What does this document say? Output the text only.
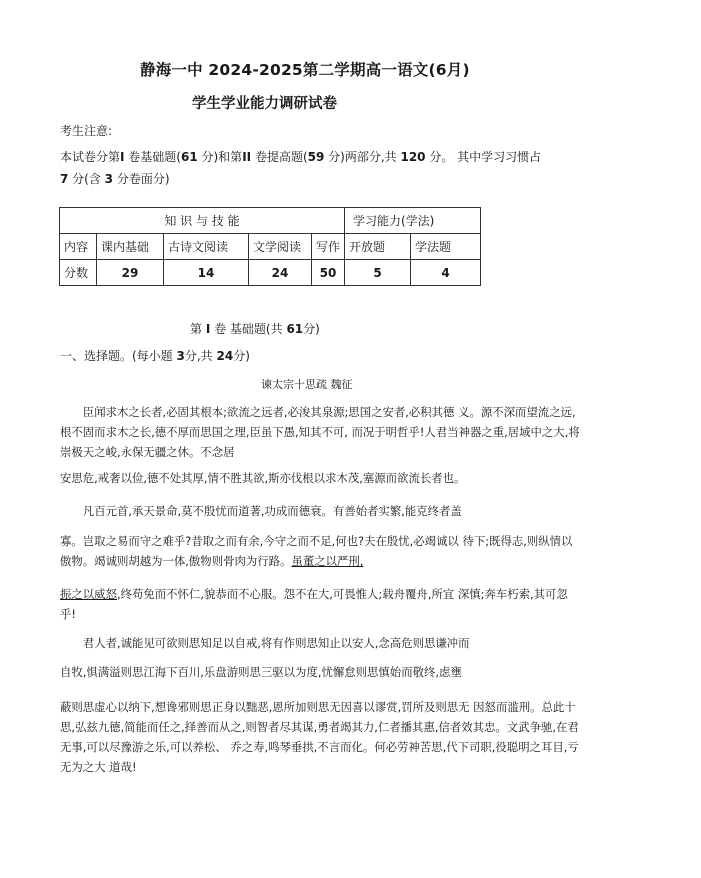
静海一中 2024-2025第二学期高一语文(6月)
学生学业能力调研试卷
考生注意:
本试卷分第I 卷基础题(61 分)和第II 卷提高题(59 分)两部分,共 120 分。 其中学习习惯占
7 分(含 3 分卷面分)
知 识 与 技 能					学习能力(学法)	
内容	课内基础	古诗文阅读	文学阅读	写作	开放题	学法题
分数	29	14	24	50	5	4
第 I 卷 基础题(共 61分)
一、选择题。(每小题 3分,共 24分)
谏太宗十思疏 魏征
臣闻求木之长者,必固其根本;欲流之远者,必浚其泉源;思国之安者,必积其德 义。源不深而望流之远,根不固而求木之长,德不厚而思国之理,臣虽下愚,知其不可, 而况于明哲乎!人君当神器之重,居域中之大,将崇极天之峻,永保无疆之休。不念居
安思危,戒奢以俭,德不处其厚,情不胜其欲,斯亦伐根以求木茂,塞源而欲流长者也。
凡百元首,承天景命,莫不殷忧而道著,功成而德衰。有善始者实繁,能克终者盖
寡。岂取之易而守之难乎?昔取之而有余,今守之而不足,何也?夫在殷忧,必竭诚以 待下;既得志,则纵情以傲物。竭诚则胡越为一体,傲物则骨肉为行路。虽董之以严刑,
振之以威怒,终苟免而不怀仁,貌恭而不心服。怨不在大,可畏惟人;载舟覆舟,所宜 深慎;奔车朽索,其可忽乎!
君人者,诚能见可欲则思知足以自戒,将有作则思知止以安人,念高危则思谦冲而
自牧,惧满溢则思江海下百川,乐盘游则思三驱以为度,忧懈怠则思慎始而敬终,虑壅
蔽则思虚心以纳下,想谗邪则思正身以黜恶,恩所加则思无因喜以谬赏,罚所及则思无 因怒而滥刑。总此十思,弘兹九德,简能而任之,择善而从之,则智者尽其谋,勇者竭其力,仁者播其惠,信者效其忠。文武争驰,在君无事,可以尽豫游之乐,可以养松、 乔之寿,鸣琴垂拱,不言而化。何必劳神苦思,代下司职,役聪明之耳目,亏无为之大 道哉!
